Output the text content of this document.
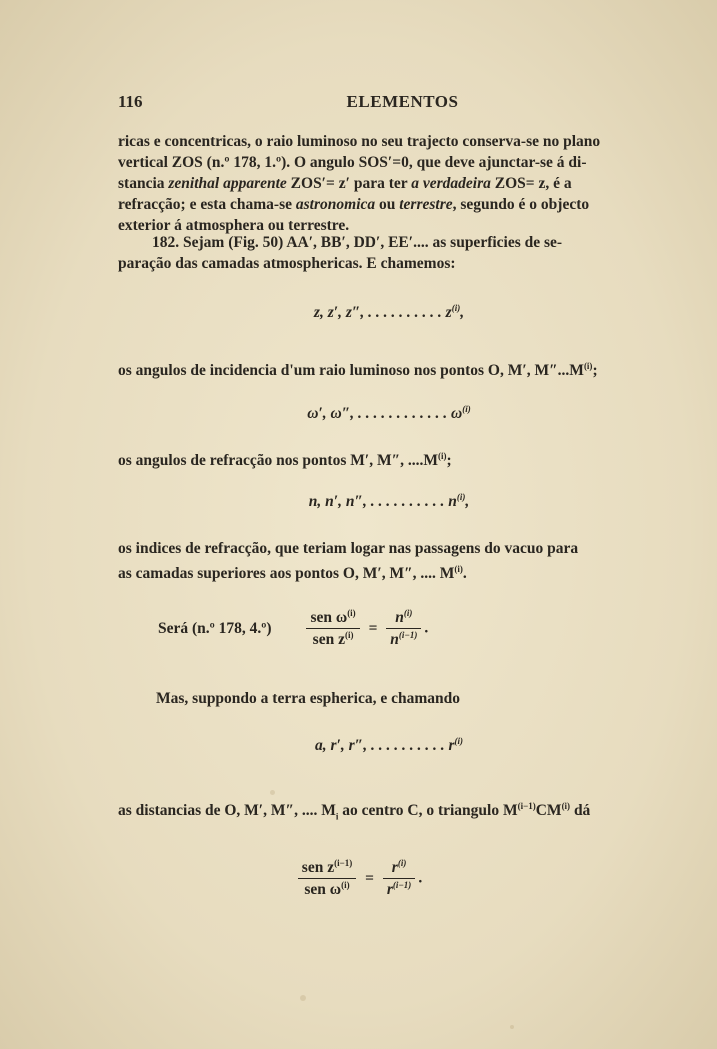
116	ELEMENTOS
ricas e concentricas, o raio luminoso no seu trajecto conserva-se no plano
vertical ZOS (n.º 178, 1.º). O angulo SOS′=0, que deve ajunctar-se á di-
stancia zenithal apparente ZOS′= z′ para ter a verdadeira ZOS= z, é a
refracção; e esta chama-se astronomica ou terrestre, segundo é o objecto
exterior á atmosphera ou terrestre.
182. Sejam (Fig. 50) AA′, BB′, DD′, EE′.... as superficies de se-
paração das camadas atmosphericas. E chamemos:
z, z′, z″, . . . . . . . . . . $z^{(i)}$,
os angulos de incidencia d'um raio luminoso nos pontos O, M′, $M''...M^{(i)}$;
ω′, ω″, . . . . . . . . . . . . $\omega^{(i)}$
os angulos de refracção nos pontos M′, M″, $....M^{(i)}$;
n, n′, n″, . . . . . . . . . . $n^{(i)}$,
os indices de refracção, que teriam logar nas passagens do vacuo para
as camadas superiores aos pontos O, M′, M″, .... $M^{(i)}$.
Será (n.º 178, 4.º) $\frac{sen \omega^{(i)}}{sen z^{(i)}} = \frac{n^{(i)}}{n^{(i-1)}}$ .
Mas, suppondo a terra espherica, e chamando
a, r′, r″, . . . . . . . . . . $r^{(i)}$
as distancias de O, M′, M″, .... $M_i$ ao centro C, o triangulo $M^{(i-1)}CM^{(i)}$ dá
$\frac{sen z^{(i-1)}}{sen \omega^{(i)}} = \frac{r^{(i)}}{r^{(i-1)}}$ .
